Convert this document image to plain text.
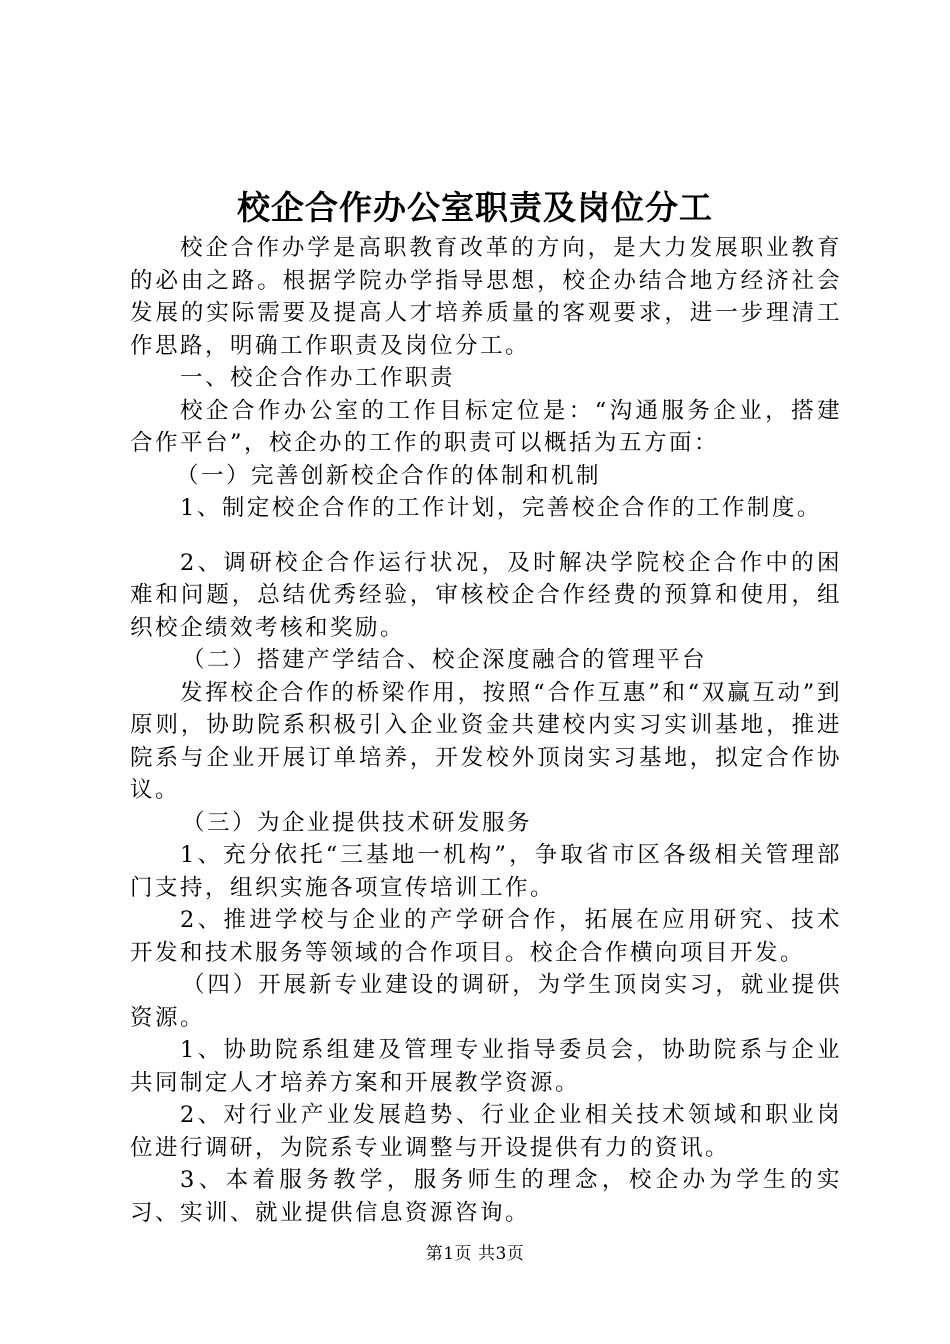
校企合作办公室职责及岗位分工

校企合作办学是高职教育改革的方向，是大力发展职业教育的必由之路。根据学院办学指导思想，校企办结合地方经济社会发展的实际需要及提高人才培养质量的客观要求，进一步理清工作思路，明确工作职责及岗位分工。

一、校企合作办工作职责

校企合作办公室的工作目标定位是：“沟通服务企业，搭建合作平台”，校企办的工作的职责可以概括为五方面：

（一）完善创新校企合作的体制和机制

1、制定校企合作的工作计划，完善校企合作的工作制度。

2、调研校企合作运行状况，及时解决学院校企合作中的困难和问题，总结优秀经验，审核校企合作经费的预算和使用，组织校企绩效考核和奖励。

（二）搭建产学结合、校企深度融合的管理平台

发挥校企合作的桥梁作用，按照“合作互惠”和“双赢互动”到原则，协助院系积极引入企业资金共建校内实习实训基地，推进院系与企业开展订单培养，开发校外顶岗实习基地，拟定合作协议。

（三）为企业提供技术研发服务

1、充分依托“三基地一机构”，争取省市区各级相关管理部门支持，组织实施各项宣传培训工作。

2、推进学校与企业的产学研合作，拓展在应用研究、技术开发和技术服务等领域的合作项目。校企合作横向项目开发。

（四）开展新专业建设的调研，为学生顶岗实习，就业提供资源。

1、协助院系组建及管理专业指导委员会，协助院系与企业共同制定人才培养方案和开展教学资源。

2、对行业产业发展趋势、行业企业相关技术领域和职业岗位进行调研，为院系专业调整与开设提供有力的资讯。

3、本着服务教学，服务师生的理念，校企办为学生的实习、实训、就业提供信息资源咨询。

第1页 共3页
